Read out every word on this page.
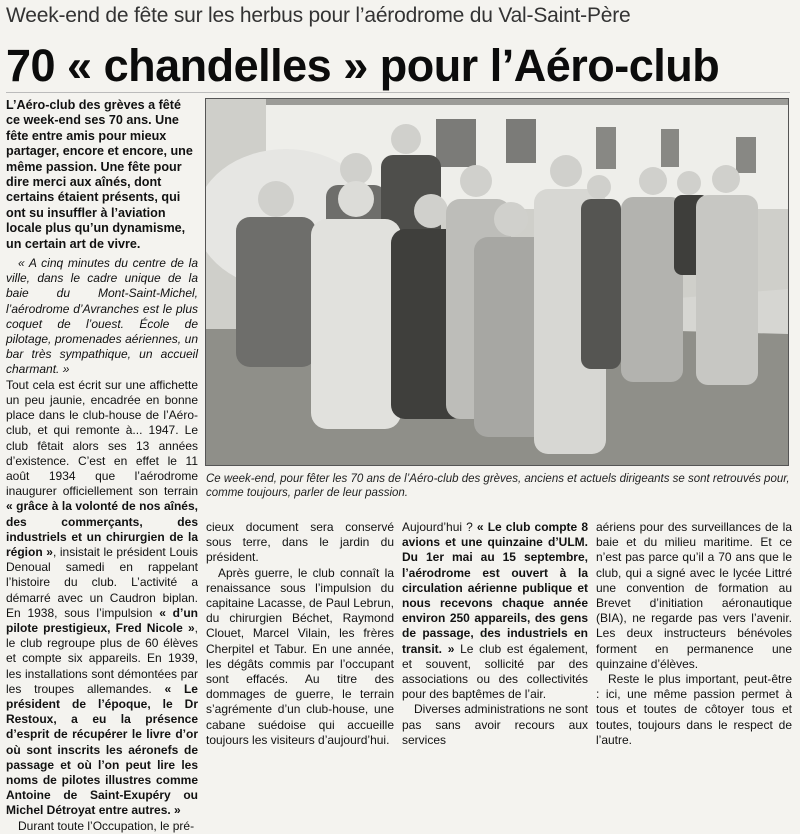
Week-end de fête sur les herbus pour l’aérodrome du Val-Saint-Père
70 « chandelles » pour l’Aéro-club

L’Aéro-club des grèves a fêté ce week-end ses 70 ans. Une fête entre amis pour mieux partager, encore et encore, une même passion. Une fête pour dire merci aux aînés, dont certains étaient présents, qui ont su insuffler à l’aviation locale plus qu’un dynamisme, un certain art de vivre.

« A cinq minutes du centre de la ville, dans le cadre unique de la baie du Mont-Saint-Michel, l’aérodrome d’Avranches est le plus coquet de l’ouest. École de pilotage, promenades aériennes, un bar très sympathique, un accueil charmant. »

Tout cela est écrit sur une affichette un peu jaunie, encadrée en bonne place dans le club-house de l’Aéro-club, et qui remonte à... 1947. Le club fêtait alors ses 13 années d’existence. C’est en effet le 11 août 1934 que l’aérodrome inaugurer officiellement son terrain « grâce à la volonté de nos aînés, des commerçants, des industriels et un chirurgien de la région », insistait le président Louis Denoual samedi en rappelant l’histoire du club. L’activité a démarré avec un Caudron biplan. En 1938, sous l’impulsion « d’un pilote prestigieux, Fred Nicole », le club regroupe plus de 60 élèves et compte six appareils. En 1939, les installations sont démontées par les troupes allemandes. « Le président de l’époque, le Dr Restoux, a eu la présence d’esprit de récupérer le livre d’or où sont inscrits les aéronefs de passage et où l’on peut lire les noms de pilotes illustres comme Antoine de Saint-Exupéry ou Michel Détroyat entre autres. »

Durant toute l’Occupation, le pré-

Ce week-end, pour fêter les 70 ans de l’Aéro-club des grèves, anciens et actuels dirigeants se sont retrouvés pour, comme toujours, parler de leur passion.

cieux document sera conservé sous terre, dans le jardin du président.

Après guerre, le club connaît la renaissance sous l’impulsion du capitaine Lacasse, de Paul Lebrun, du chirurgien Béchet, Raymond Clouet, Marcel Vilain, les frères Cherpitel et Tabur. En une année, les dégâts commis par l’occupant sont effacés. Au titre des dommages de guerre, le terrain s’agrémente d’un club-house, une cabane suédoise qui accueille toujours les visiteurs d’aujourd’hui.

Aujourd’hui ? « Le club compte 8 avions et une quinzaine d’ULM. Du 1er mai au 15 septembre, l’aérodrome est ouvert à la circulation aérienne publique et nous recevons chaque année environ 250 appareils, des gens de passage, des industriels en transit. » Le club est également, et souvent, sollicité par des associations ou des collectivités pour des baptêmes de l’air.

Diverses administrations ne sont pas sans avoir recours aux services

aériens pour des surveillances de la baie et du milieu maritime. Et ce n’est pas parce qu’il a 70 ans que le club, qui a signé avec le lycée Littré une convention de formation au Brevet d’initiation aéronautique (BIA), ne regarde pas vers l’avenir. Les deux instructeurs bénévoles forment en permanence une quinzaine d’élèves.

Reste le plus important, peut-être : ici, une même passion permet à tous et toutes de côtoyer tous et toutes, toujours dans le respect de l’autre.
